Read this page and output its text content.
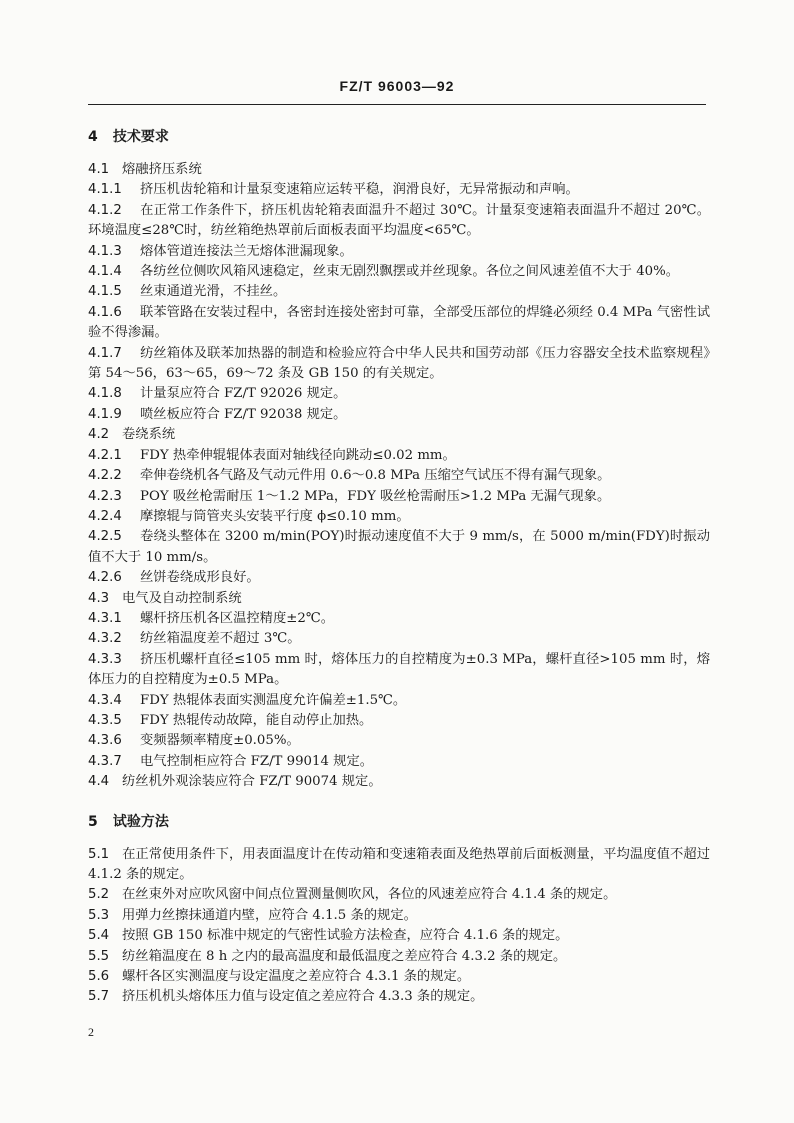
FZ/T 96003—92
4 技术要求
4.1 熔融挤压系统
4.1.1 挤压机齿轮箱和计量泵变速箱应运转平稳，润滑良好，无异常振动和声响。
4.1.2 在正常工作条件下，挤压机齿轮箱表面温升不超过 30℃。计量泵变速箱表面温升不超过 20℃。环境温度≤28℃时，纺丝箱绝热罩前后面板表面平均温度<65℃。
4.1.3 熔体管道连接法兰无熔体泄漏现象。
4.1.4 各纺丝位侧吹风箱风速稳定，丝束无剧烈飘摆或并丝现象。各位之间风速差值不大于 40%。
4.1.5 丝束通道光滑，不挂丝。
4.1.6 联苯管路在安装过程中，各密封连接处密封可靠，全部受压部位的焊缝必须经 0.4 MPa 气密性试验不得渗漏。
4.1.7 纺丝箱体及联苯加热器的制造和检验应符合中华人民共和国劳动部《压力容器安全技术监察规程》第 54～56，63～65，69～72 条及 GB 150 的有关规定。
4.1.8 计量泵应符合 FZ/T 92026 规定。
4.1.9 喷丝板应符合 FZ/T 92038 规定。
4.2 卷绕系统
4.2.1 FDY 热牵伸辊辊体表面对轴线径向跳动≤0.02 mm。
4.2.2 牵伸卷绕机各气路及气动元件用 0.6～0.8 MPa 压缩空气试压不得有漏气现象。
4.2.3 POY 吸丝枪需耐压 1～1.2 MPa，FDY 吸丝枪需耐压>1.2 MPa 无漏气现象。
4.2.4 摩擦辊与筒管夹头安装平行度 ϕ≤0.10 mm。
4.2.5 卷绕头整体在 3200 m/min(POY)时振动速度值不大于 9 mm/s，在 5000 m/min(FDY)时振动值不大于 10 mm/s。
4.2.6 丝饼卷绕成形良好。
4.3 电气及自动控制系统
4.3.1 螺杆挤压机各区温控精度±2℃。
4.3.2 纺丝箱温度差不超过 3℃。
4.3.3 挤压机螺杆直径≤105 mm 时，熔体压力的自控精度为±0.3 MPa，螺杆直径>105 mm 时，熔体压力的自控精度为±0.5 MPa。
4.3.4 FDY 热辊体表面实测温度允许偏差±1.5℃。
4.3.5 FDY 热辊传动故障，能自动停止加热。
4.3.6 变频器频率精度±0.05%。
4.3.7 电气控制柜应符合 FZ/T 99014 规定。
4.4 纺丝机外观涂装应符合 FZ/T 90074 规定。
5 试验方法
5.1 在正常使用条件下，用表面温度计在传动箱和变速箱表面及绝热罩前后面板测量，平均温度值不超过 4.1.2 条的规定。
5.2 在丝束外对应吹风窗中间点位置测量侧吹风，各位的风速差应符合 4.1.4 条的规定。
5.3 用弹力丝擦抹通道内壁，应符合 4.1.5 条的规定。
5.4 按照 GB 150 标准中规定的气密性试验方法检查，应符合 4.1.6 条的规定。
5.5 纺丝箱温度在 8 h 之内的最高温度和最低温度之差应符合 4.3.2 条的规定。
5.6 螺杆各区实测温度与设定温度之差应符合 4.3.1 条的规定。
5.7 挤压机机头熔体压力值与设定值之差应符合 4.3.3 条的规定。
2
